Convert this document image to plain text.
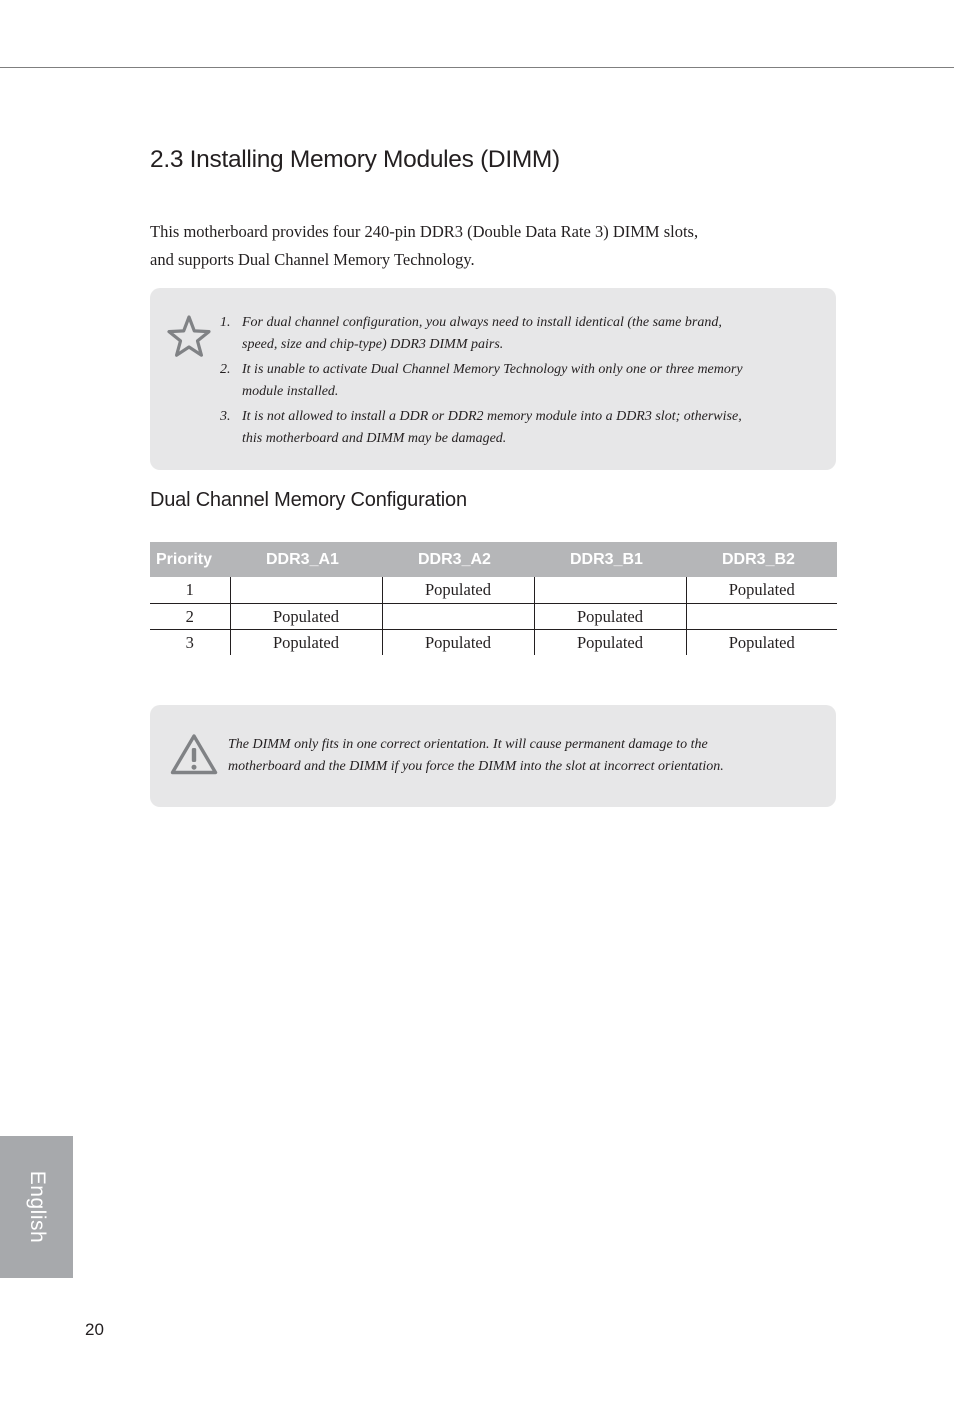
2.3 Installing Memory Modules (DIMM)

This motherboard provides four 240-pin DDR3 (Double Data Rate 3) DIMM slots,
and supports Dual Channel Memory Technology.

1. For dual channel configuration, you always need to install identical (the same brand,
speed, size and chip-type) DDR3 DIMM pairs.
2. It is unable to activate Dual Channel Memory Technology with only one or three memory
module installed.
3. It is not allowed to install a DDR or DDR2 memory module into a DDR3 slot; otherwise,
this motherboard and DIMM may be damaged.
Dual Channel Memory Configuration
Priority	DDR3_A1	DDR3_A2	DDR3_B1	DDR3_B2
1		Populated		Populated
2	Populated		Populated	
3	Populated	Populated	Populated	Populated

The DIMM only fits in one correct orientation. It will cause permanent damage to the
motherboard and the DIMM if you force the DIMM into the slot at incorrect orientation.

English
20
